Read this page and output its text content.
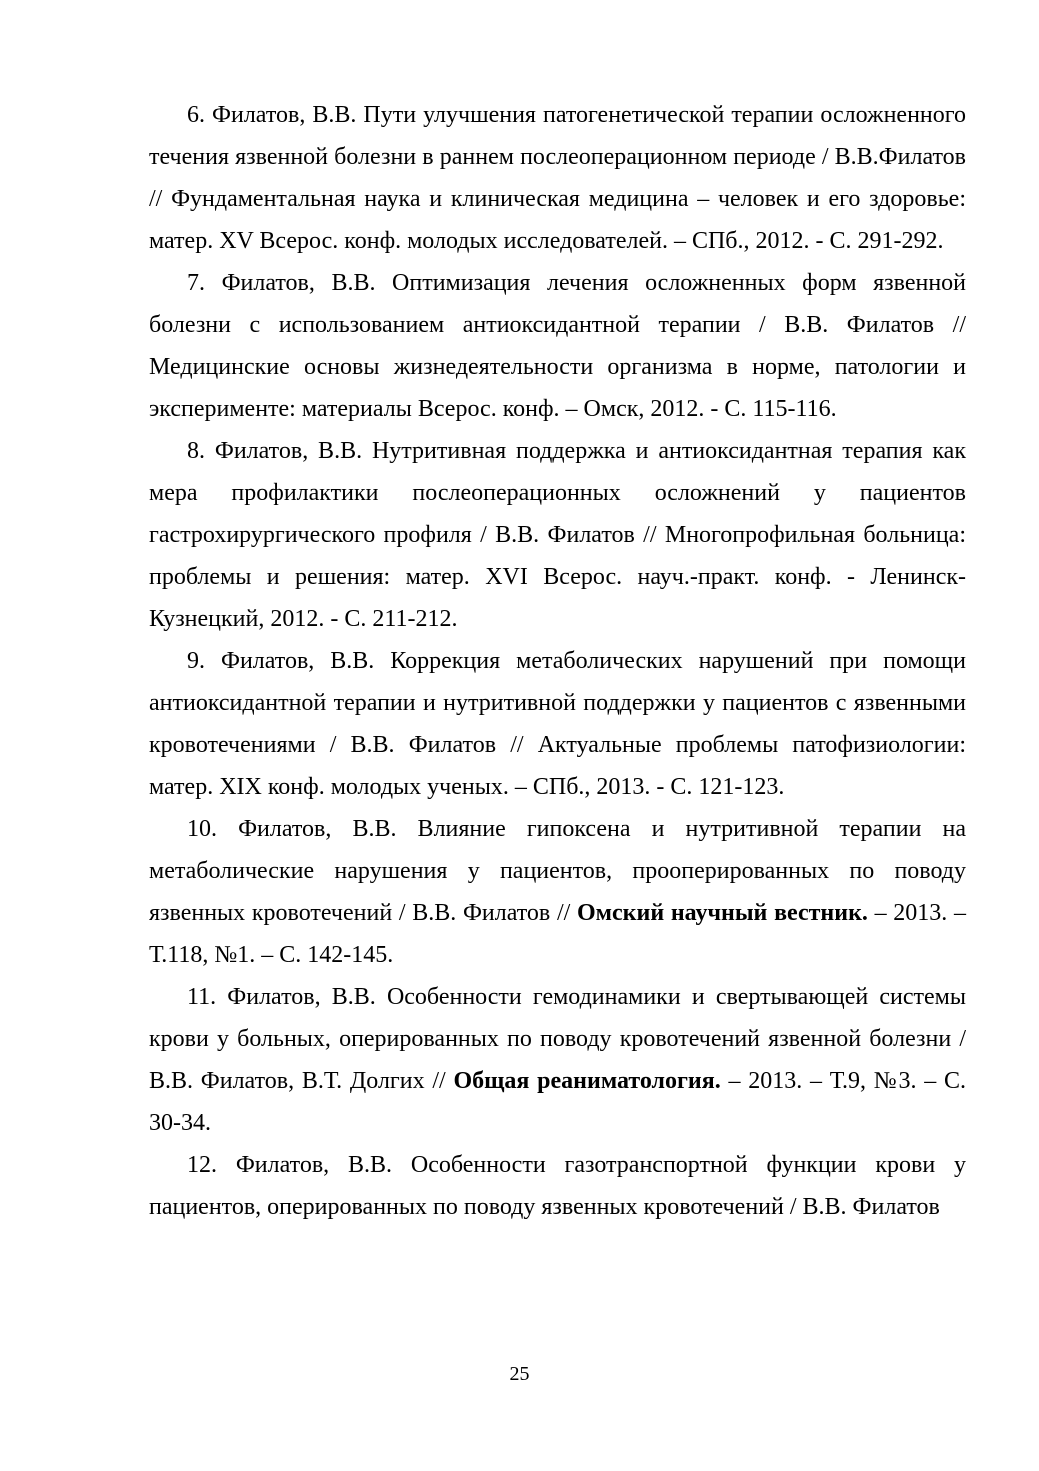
6. Филатов, В.В. Пути улучшения патогенетической терапии осложненного течения язвенной болезни в раннем послеоперационном периоде / В.В.Филатов // Фундаментальная наука и клиническая медицина – человек и его здоровье: матер. XV Всерос. конф. молодых исследователей. – СПб., 2012. - С. 291-292.

7. Филатов, В.В. Оптимизация лечения осложненных форм язвенной болезни с использованием антиоксидантной терапии / В.В. Филатов // Медицинские основы жизнедеятельности организма в норме, патологии и эксперименте: материалы Всерос. конф. – Омск, 2012. - С. 115-116.

8. Филатов, В.В. Нутритивная поддержка и антиоксидантная терапия как мера профилактики послеоперационных осложнений у пациентов гастрохирургического профиля / В.В. Филатов // Многопрофильная больница: проблемы и решения: матер. XVI Всерос. науч.-практ. конф. - Ленинск-Кузнецкий, 2012. - С. 211-212.

9. Филатов, В.В. Коррекция метаболических нарушений при помощи антиоксидантной терапии и нутритивной поддержки у пациентов с язвенными кровотечениями / В.В. Филатов // Актуальные проблемы патофизиологии: матер. XIX конф. молодых ученых. – СПб., 2013. - С. 121-123.

10. Филатов, В.В. Влияние гипоксена и нутритивной терапии на метаболические нарушения у пациентов, прооперированных по поводу язвенных кровотечений / В.В. Филатов // Омский научный вестник. – 2013. – Т.118, №1. – С. 142-145.

11. Филатов, В.В. Особенности гемодинамики и свертывающей системы крови у больных, оперированных по поводу кровотечений язвенной болезни / В.В. Филатов, В.Т. Долгих // Общая реаниматология. – 2013. – Т.9, №3. – С. 30-34.

12. Филатов, В.В. Особенности газотранспортной функции крови у пациентов, оперированных по поводу язвенных кровотечений / В.В. Филатов

25
